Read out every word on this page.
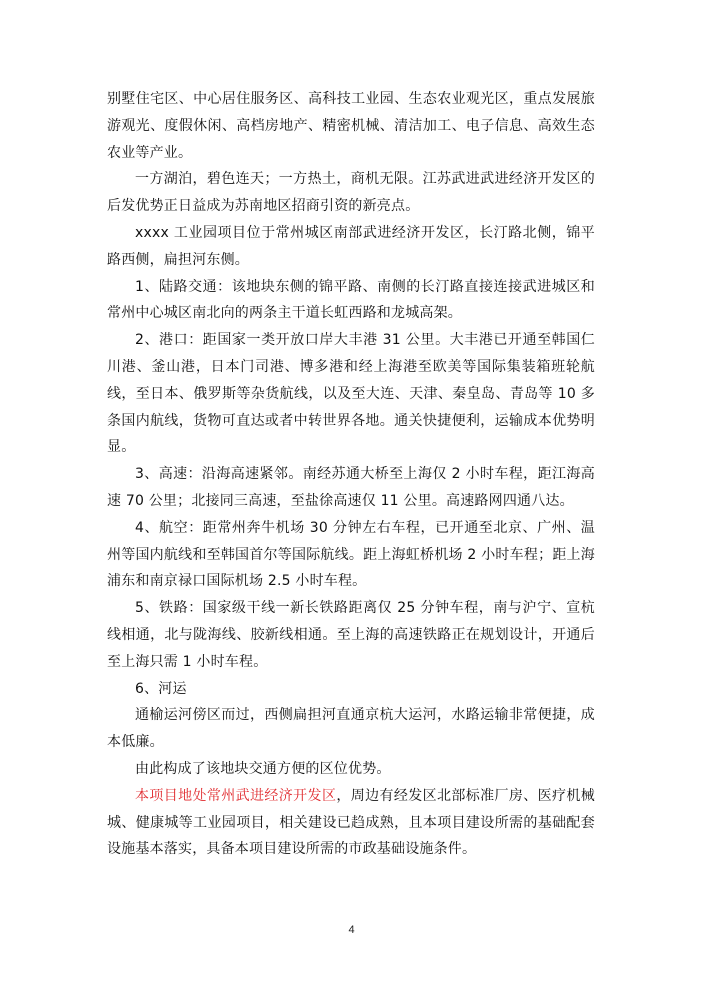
别墅住宅区、中心居住服务区、高科技工业园、生态农业观光区，重点发展旅游观光、度假休闲、高档房地产、精密机械、清洁加工、电子信息、高效生态农业等产业。

一方湖泊，碧色连天；一方热土，商机无限。江苏武进武进经济开发区的后发优势正日益成为苏南地区招商引资的新亮点。

xxxx 工业园项目位于常州城区南部武进经济开发区，长汀路北侧，锦平路西侧，扁担河东侧。

1、陆路交通：该地块东侧的锦平路、南侧的长汀路直接连接武进城区和常州中心城区南北向的两条主干道长虹西路和龙城高架。

2、港口：距国家一类开放口岸大丰港 31 公里。大丰港已开通至韩国仁川港、釜山港，日本门司港、博多港和经上海港至欧美等国际集装箱班轮航线，至日本、俄罗斯等杂货航线，以及至大连、天津、秦皇岛、青岛等 10 多条国内航线，货物可直达或者中转世界各地。通关快捷便利，运输成本优势明显。

3、高速：沿海高速紧邻。南经苏通大桥至上海仅 2 小时车程，距江海高速 70 公里；北接同三高速，至盐徐高速仅 11 公里。高速路网四通八达。

4、航空：距常州奔牛机场 30 分钟左右车程，已开通至北京、广州、温州等国内航线和至韩国首尔等国际航线。距上海虹桥机场 2 小时车程；距上海浦东和南京禄口国际机场 2.5 小时车程。

5、铁路：国家级干线一新长铁路距离仅 25 分钟车程，南与沪宁、宣杭线相通，北与陇海线、胶新线相通。至上海的高速铁路正在规划设计，开通后至上海只需 1 小时车程。

6、河运

通榆运河傍区而过，西侧扁担河直通京杭大运河，水路运输非常便捷，成本低廉。

由此构成了该地块交通方便的区位优势。

本项目地处常州武进经济开发区，周边有经发区北部标准厂房、医疗机械城、健康城等工业园项目，相关建设已趋成熟，且本项目建设所需的基础配套设施基本落实，具备本项目建设所需的市政基础设施条件。

4
